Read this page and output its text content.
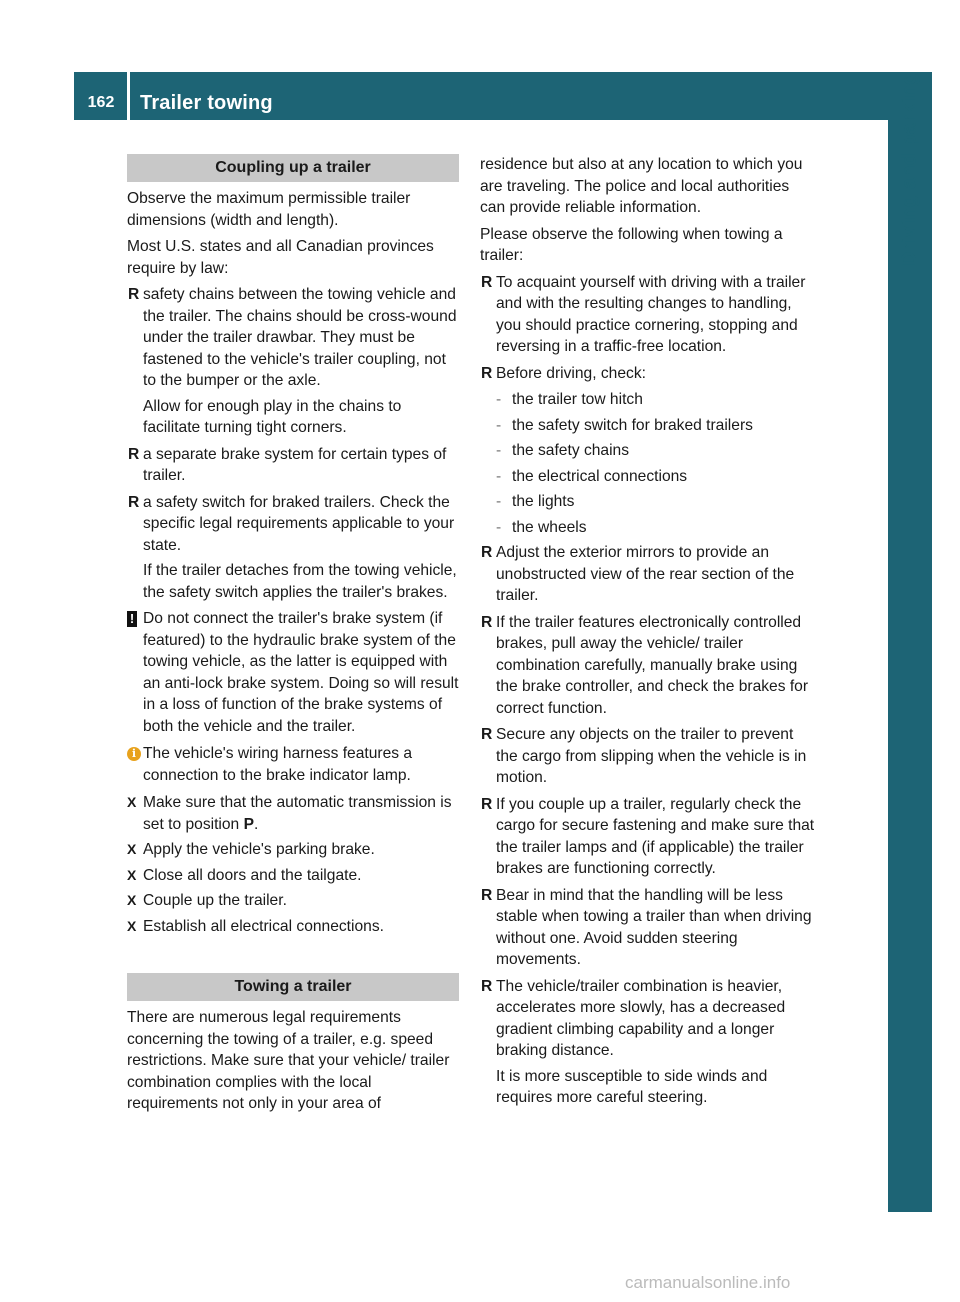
162	Trailer towing	Driving and parking
Coupling up a trailer

Observe the maximum permissible trailer dimensions (width and length).

Most U.S. states and all Canadian provinces require by law:

R safety chains between the towing vehicle and the trailer. The chains should be cross-wound under the trailer drawbar. They must be fastened to the vehicle's trailer coupling, not to the bumper or the axle.
Allow for enough play in the chains to facilitate turning tight corners.
R a separate brake system for certain types of trailer.
R a safety switch for braked trailers. Check the specific legal requirements applicable to your state.
If the trailer detaches from the towing vehicle, the safety switch applies the trailer's brakes.
! Do not connect the trailer's brake system (if featured) to the hydraulic brake system of the towing vehicle, as the latter is equipped with an anti-lock brake system. Doing so will result in a loss of function of the brake systems of both the vehicle and the trailer.
i The vehicle's wiring harness features a connection to the brake indicator lamp.
X Make sure that the automatic transmission is set to position P.
X Apply the vehicle's parking brake.
X Close all doors and the tailgate.
X Couple up the trailer.
X Establish all electrical connections.
Towing a trailer

There are numerous legal requirements concerning the towing of a trailer, e.g. speed restrictions. Make sure that your vehicle/ trailer combination complies with the local requirements not only in your area of

residence but also at any location to which you are traveling. The police and local authorities can provide reliable information.

Please observe the following when towing a trailer:

R To acquaint yourself with driving with a trailer and with the resulting changes to handling, you should practice cornering, stopping and reversing in a traffic-free location.
R Before driving, check:
- the trailer tow hitch
- the safety switch for braked trailers
- the safety chains
- the electrical connections
- the lights
- the wheels
R Adjust the exterior mirrors to provide an unobstructed view of the rear section of the trailer.
R If the trailer features electronically controlled brakes, pull away the vehicle/ trailer combination carefully, manually brake using the brake controller, and check the brakes for correct function.
R Secure any objects on the trailer to prevent the cargo from slipping when the vehicle is in motion.
R If you couple up a trailer, regularly check the cargo for secure fastening and make sure that the trailer lamps and (if applicable) the trailer brakes are functioning correctly.
R Bear in mind that the handling will be less stable when towing a trailer than when driving without one. Avoid sudden steering movements.
R The vehicle/trailer combination is heavier, accelerates more slowly, has a decreased gradient climbing capability and a longer braking distance.
It is more susceptible to side winds and requires more careful steering.
carmanualsonline.info
